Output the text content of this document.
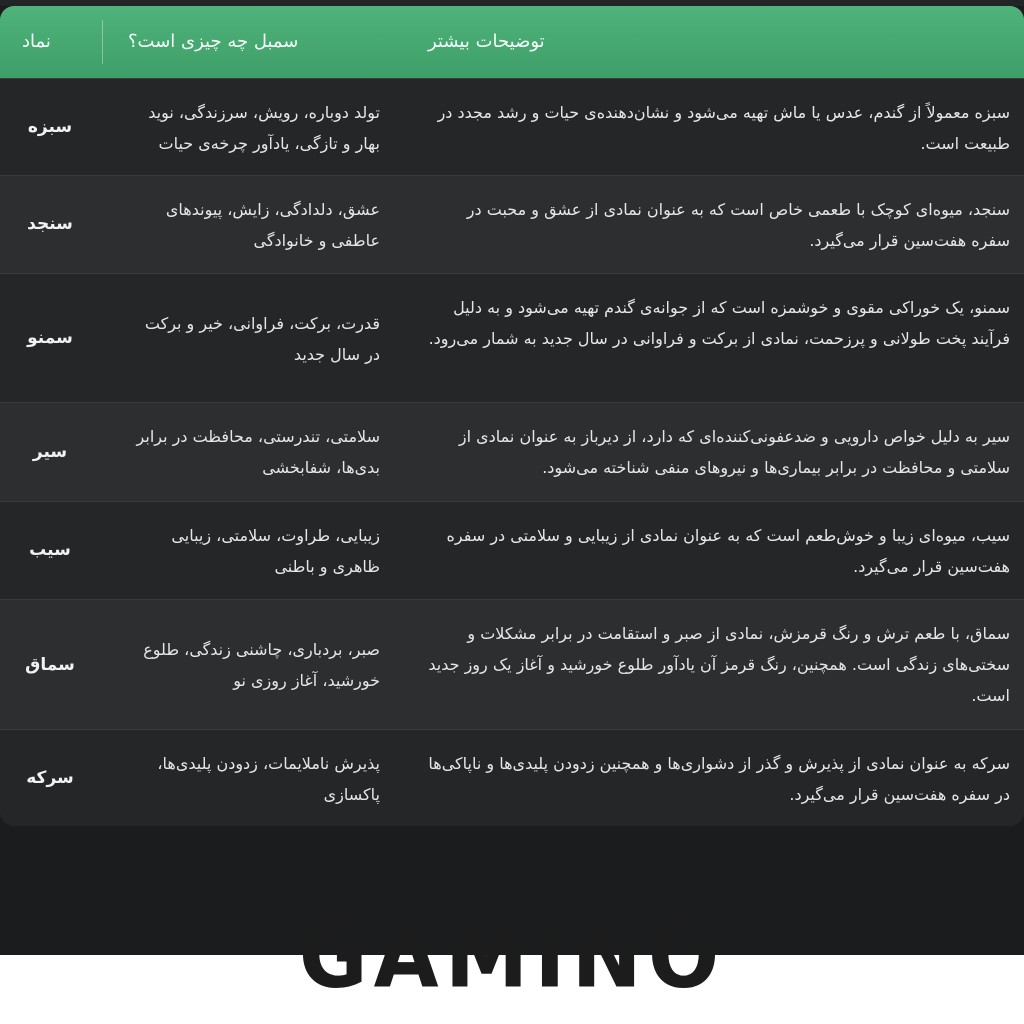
نماد	سمبل چه چیزی است؟	توضیحات بیشتر
سبزه
تولد دوباره، رویش، سرزندگی، نوید بهار و تازگی، یادآور چرخه‌ی حیات
سبزه معمولاً از گندم، عدس یا ماش تهیه می‌شود و نشان‌دهنده‌ی حیات و رشد مجدد در طبیعت است.
سنجد
عشق، دلدادگی، زایش، پیوندهای عاطفی و خانوادگی
سنجد، میوه‌ای کوچک با طعمی خاص است که به عنوان نمادی از عشق و محبت در سفره هفت‌سین قرار می‌گیرد.
سمنو
قدرت، برکت، فراوانی، خیر و برکت در سال جدید
سمنو، یک خوراکی مقوی و خوشمزه است که از جوانه‌ی گندم تهیه می‌شود و به دلیل فرآیند پخت طولانی و پرزحمت، نمادی از برکت و فراوانی در سال جدید به شمار می‌رود.
سیر
سلامتی، تندرستی، محافظت در برابر بدی‌ها، شفابخشی
سیر به دلیل خواص دارویی و ضدعفونی‌کننده‌ای که دارد، از دیرباز به عنوان نمادی از سلامتی و محافظت در برابر بیماری‌ها و نیروهای منفی شناخته می‌شود.
سیب
زیبایی، طراوت، سلامتی، زیبایی ظاهری و باطنی
سیب، میوه‌ای زیبا و خوش‌طعم است که به عنوان نمادی از زیبایی و سلامتی در سفره هفت‌سین قرار می‌گیرد.
سماق
صبر، بردباری، چاشنی زندگی، طلوع خورشید، آغاز روزی نو
سماق، با طعم ترش و رنگ قرمزش، نمادی از صبر و استقامت در برابر مشکلات و سختی‌های زندگی است. همچنین، رنگ قرمز آن یادآور طلوع خورشید و آغاز یک روز جدید است.
سرکه
پذیرش ناملایمات، زدودن پلیدی‌ها، پاکسازی
سرکه به عنوان نمادی از پذیرش و گذر از دشواری‌ها و همچنین زدودن پلیدی‌ها و ناپاکی‌ها در سفره هفت‌سین قرار می‌گیرد.
GAMINO
